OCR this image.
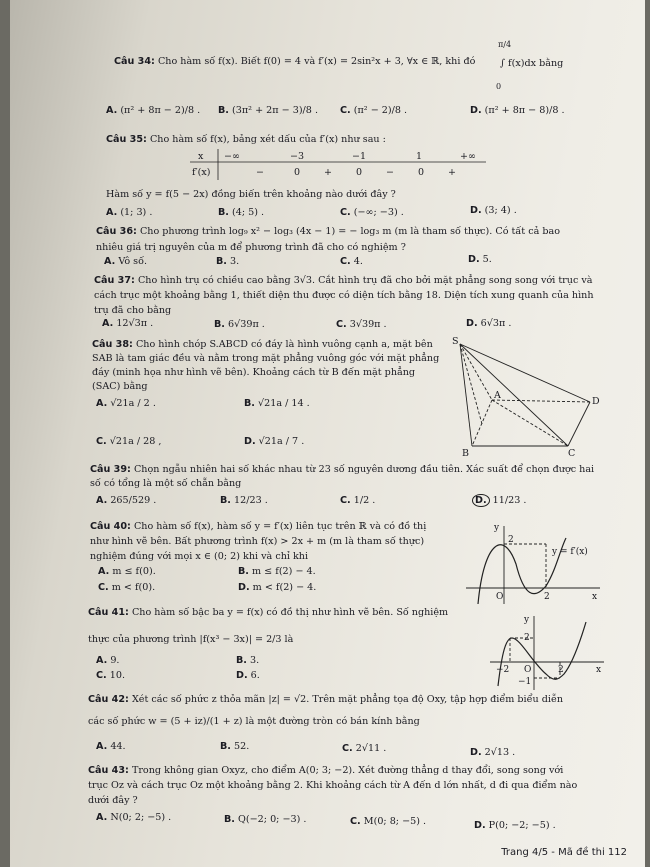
Câu 34: Cho hàm số f(x). Biết f(0) = 4 và f′(x) = 2sin²x + 3, ∀x ∈ ℝ, khi đó
π/4
0
∫ f(x)dx bằng
A. (π² + 8π − 2)/8 . B. (3π² + 2π − 3)/8 . C. (π² − 2)/8 .	D. (π² + 8π − 8)/8 .
Câu 35: Cho hàm số f(x), bảng xét dấu của f′(x) như sau :
x −∞	−3	−1	1	+∞
f′(x)	−	0	+	0	−	0	+
Hàm số y = f(5 − 2x) đồng biến trên khoảng nào dưới đây ?
A. (1; 3) .	B. (4; 5) .	C. (−∞; −3) .	D. (3; 4) .
Câu 36: Cho phương trình log₉ x² − log₃ (4x − 1) = − log₃ m (m là tham số thực). Có tất cả bao
nhiêu giá trị nguyên của m để phương trình đã cho có nghiệm ?
A. Vô số.	B. 3.	C. 4.	D. 5.
Câu 37: Cho hình trụ có chiều cao bằng 3√3. Cắt hình trụ đã cho bởi mặt phẳng song song với trục và
cách trục một khoảng bằng 1, thiết diện thu được có diện tích bằng 18. Diện tích xung quanh của hình
trụ đã cho bằng
A. 12√3π .	B. 6√39π .	C. 3√39π .	D. 6√3π .
Câu 38: Cho hình chóp S.ABCD có đáy là hình vuông cạnh a, mặt bên
SAB là tam giác đều và nằm trong mặt phẳng vuông góc với mặt phẳng
đáy (minh họa như hình vẽ bên). Khoảng cách từ B đến mặt phẳng
(SAC) bằng
A. √21a / 2 .	B. √21a / 14 .
C. √21a / 28 ,	D. √21a / 7 .
S
A
D
B	C
Câu 39: Chọn ngẫu nhiên hai số khác nhau từ 23 số nguyên dương đầu tiên. Xác suất để chọn được hai
số có tổng là một số chẵn bằng
A. 265/529 .	B. 12/23 .	C. 1/2 .	D. 11/23 .
Câu 40: Cho hàm số f(x), hàm số y = f′(x) liên tục trên ℝ và có đồ thị
như hình vẽ bên. Bất phương trình f(x) > 2x + m (m là tham số thực)
nghiệm đúng với mọi x ∈ (0; 2) khi và chỉ khi
A. m ≤ f(0).	B. m ≤ f(2) − 4.
C. m < f(0).	D. m < f(2) − 4.
y
2
y = f′(x)
O	2	x
Câu 41: Cho hàm số bậc ba y = f(x) có đồ thị như hình vẽ bên. Số nghiệm
thực của phương trình |f(x³ − 3x)| = 2/3 là
A. 9.	B. 3.
C. 10.	D. 6.
y
2
−2 O	2	x
−1
Câu 42: Xét các số phức z thỏa mãn |z| = √2. Trên mặt phẳng tọa độ Oxy, tập hợp điểm biểu diễn
các số phức w = (5 + iz)/(1 + z) là một đường tròn có bán kính bằng
A. 44.	B. 52.	C. 2√11 .	D. 2√13 .
Câu 43: Trong không gian Oxyz, cho điểm A(0; 3; −2). Xét đường thẳng d thay đổi, song song với
trục Oz và cách trục Oz một khoảng bằng 2. Khi khoảng cách từ A đến d lớn nhất, d đi qua điểm nào
dưới đây ?
A. N(0; 2; −5) .	B. Q(−2; 0; −3) .	C. M(0; 8; −5) .	D. P(0; −2; −5) .
Trang 4/5 - Mã đề thi 112
